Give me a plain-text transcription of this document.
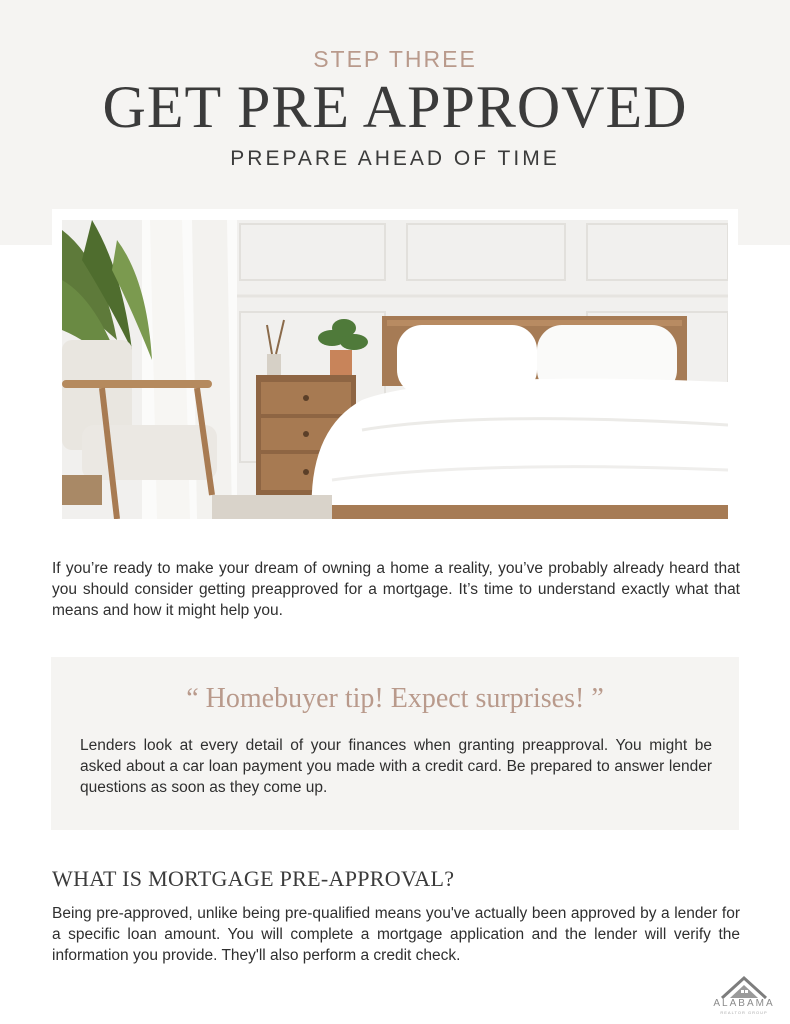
STEP THREE
GET PRE APPROVED
PREPARE AHEAD OF TIME
If you’re ready to make your dream of owning a home a reality, you’ve probably already heard that you should consider getting preapproved for a mortgage. It’s time to understand exactly what that means and how it might help you.
“ Homebuyer tip! Expect surprises! ”
Lenders look at every detail of your finances when granting preapproval. You might be asked about a car loan payment you made with a credit card. Be prepared to answer lender questions as soon as they come up.
WHAT IS MORTGAGE PRE-APPROVAL?
Being pre-approved, unlike being pre-qualified means you've actually been approved by a lender for a specific loan amount. You will complete a mortgage application and the lender will verify the information you provide. They'll also perform a credit check.
ALABAMA
REALTOR GROUP
